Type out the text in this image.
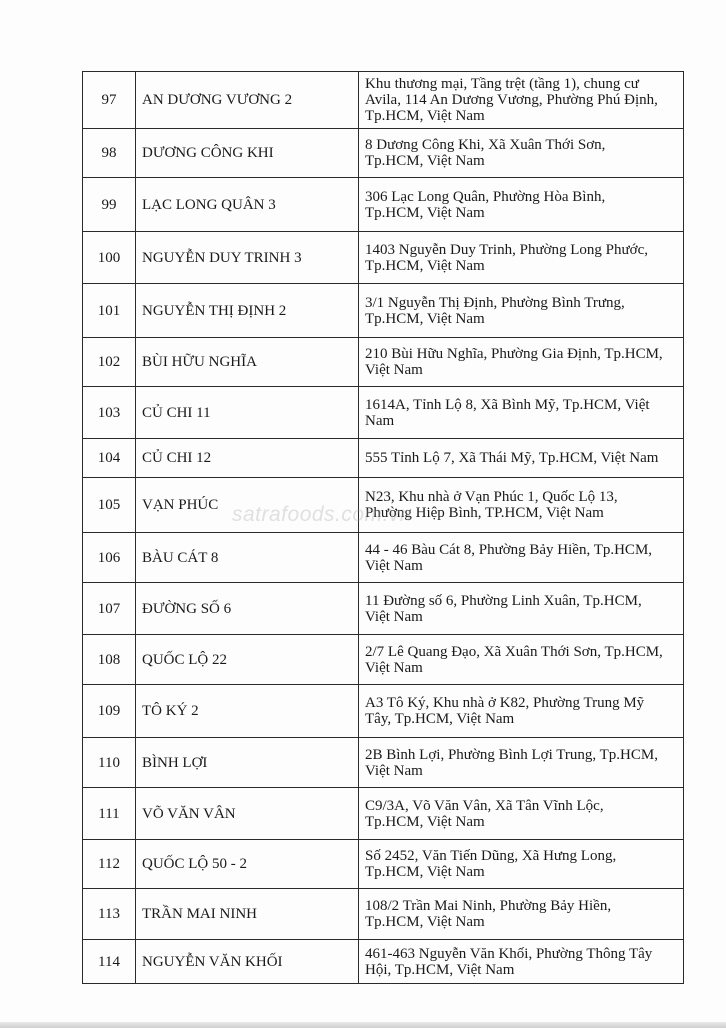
97	AN DƯƠNG VƯƠNG 2	Khu thương mại, Tầng trệt (tầng 1), chung cư
Avila, 114 An Dương Vương, Phường Phú Định,
Tp.HCM, Việt Nam

98	DƯƠNG CÔNG KHI	8 Dương Công Khi, Xã Xuân Thới Sơn,
Tp.HCM, Việt Nam

99	LẠC LONG QUÂN 3	306 Lạc Long Quân, Phường Hòa Bình,
Tp.HCM, Việt Nam

100	NGUYỄN DUY TRINH 3	1403 Nguyễn Duy Trinh, Phường Long Phước,
Tp.HCM, Việt Nam

101	NGUYỄN THỊ ĐỊNH 2	3/1 Nguyễn Thị Định, Phường Bình Trưng,
Tp.HCM, Việt Nam

102	BÙI HỮU NGHĨA	210 Bùi Hữu Nghĩa, Phường Gia Định, Tp.HCM,
Việt Nam

103	CỦ CHI 11	1614A, Tỉnh Lộ 8, Xã Bình Mỹ, Tp.HCM, Việt
Nam

104	CỦ CHI 12	555 Tỉnh Lộ 7, Xã Thái Mỹ, Tp.HCM, Việt Nam

105	VẠN PHÚC	N23, Khu nhà ở Vạn Phúc 1, Quốc Lộ 13,
Phường Hiệp Bình, TP.HCM, Việt Nam

106	BÀU CÁT 8	44 - 46 Bàu Cát 8, Phường Bảy Hiền, Tp.HCM,
Việt Nam

107	ĐƯỜNG SỐ 6	11 Đường số 6, Phường Linh Xuân, Tp.HCM,
Việt Nam

108	QUỐC LỘ 22	2/7 Lê Quang Đạo, Xã Xuân Thới Sơn, Tp.HCM,
Việt Nam

109	TÔ KÝ 2	A3 Tô Ký, Khu nhà ở K82, Phường Trung Mỹ
Tây, Tp.HCM, Việt Nam

110	BÌNH LỢI	2B Bình Lợi, Phường Bình Lợi Trung, Tp.HCM,
Việt Nam

111	VÕ VĂN VÂN	C9/3A, Võ Văn Vân, Xã Tân Vĩnh Lộc,
Tp.HCM, Việt Nam

112	QUỐC LỘ 50 - 2	Số 2452, Văn Tiến Dũng, Xã Hưng Long,
Tp.HCM, Việt Nam

113	TRẦN MAI NINH	108/2 Trần Mai Ninh, Phường Bảy Hiền,
Tp.HCM, Việt Nam

114	NGUYỄN VĂN KHỐI	461-463 Nguyễn Văn Khối, Phường Thông Tây
Hội, Tp.HCM, Việt Nam
satrafoods.com.vn
